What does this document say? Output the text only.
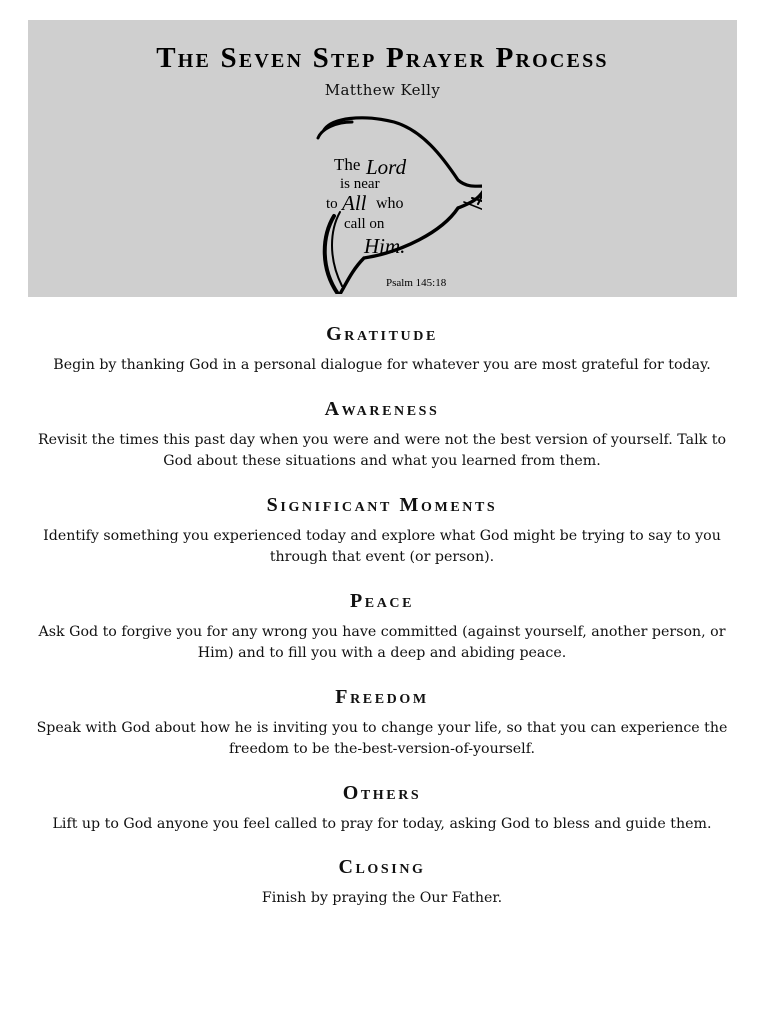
The Seven Step Prayer Process
Matthew Kelly
The Lord
is near
to All who
call on
Him.
Psalm 145:18
Gratitude

Begin by thanking God in a personal dialogue for whatever you are most grateful for today.

Awareness

Revisit the times this past day when you were and were not the best version of yourself. Talk to God about these situations and what you learned from them.

Significant Moments

Identify something you experienced today and explore what God might be trying to say to you through that event (or person).

Peace

Ask God to forgive you for any wrong you have committed (against yourself, another person, or Him) and to fill you with a deep and abiding peace.

Freedom

Speak with God about how he is inviting you to change your life, so that you can experience the freedom to be the-best-version-of-yourself.

Others

Lift up to God anyone you feel called to pray for today, asking God to bless and guide them.

Closing

Finish by praying the Our Father.
